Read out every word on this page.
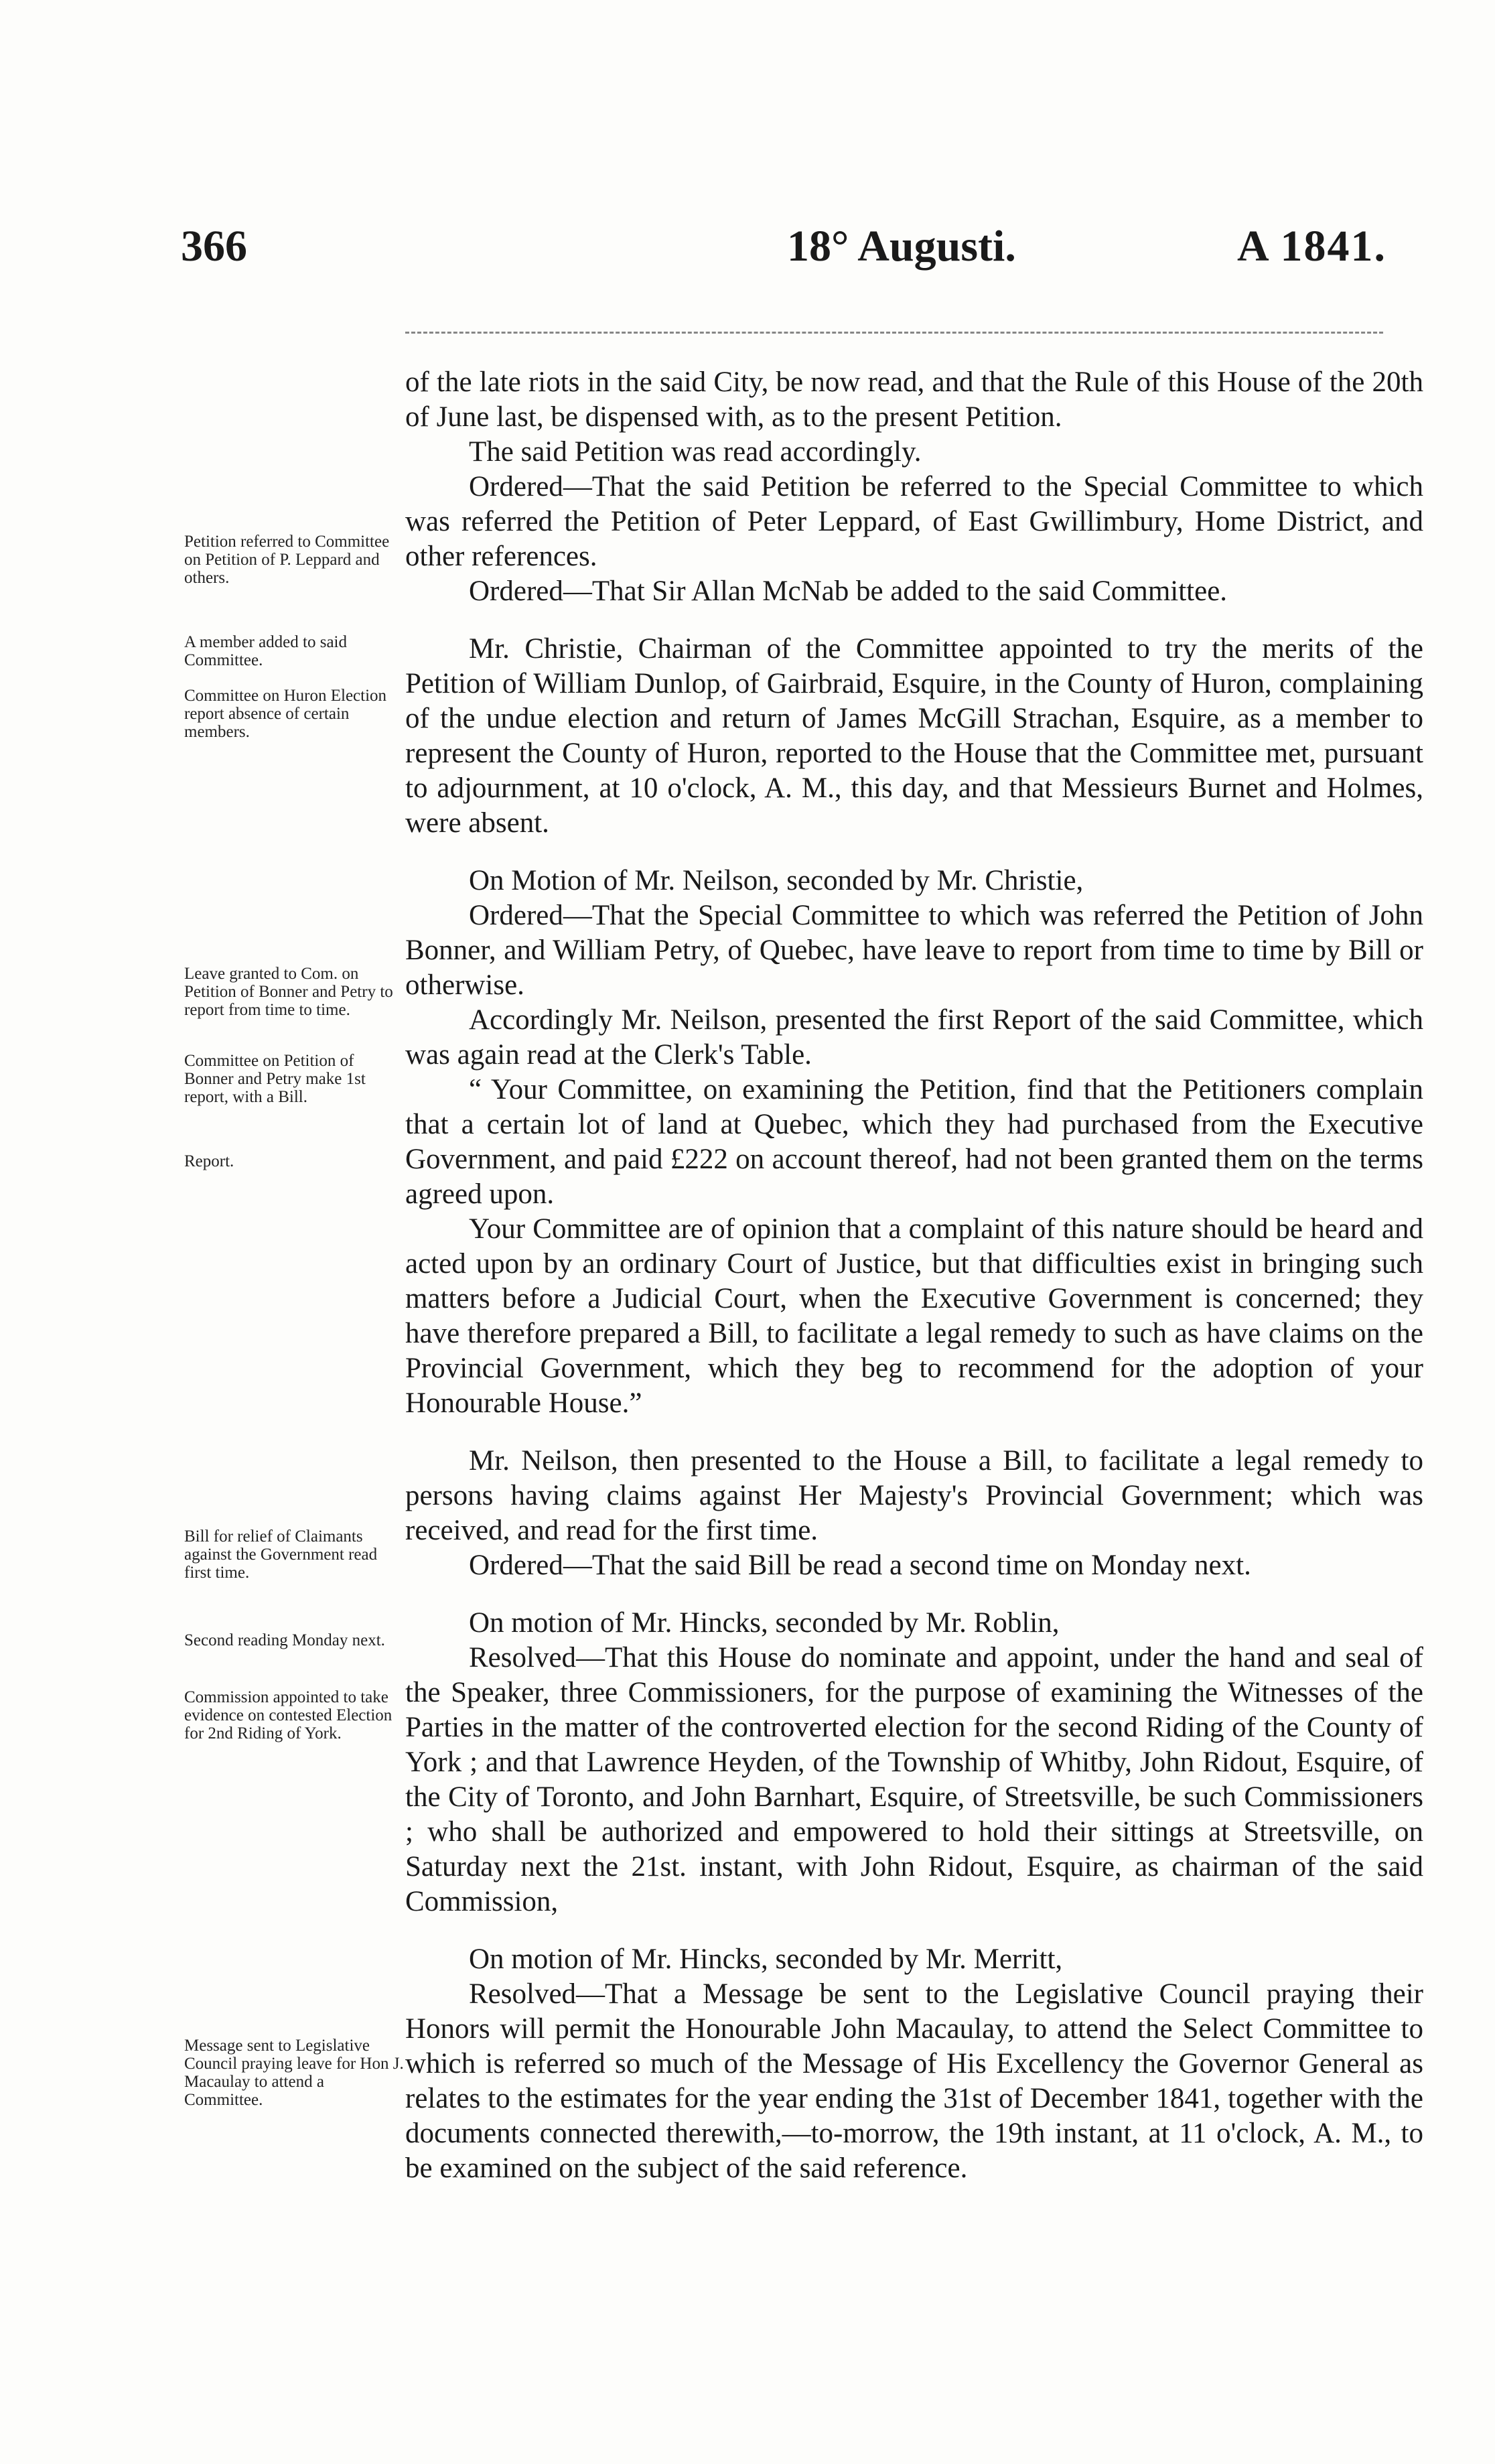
366	18° Augusti.	A 1841.
Petition referred to Committee on Petition of P. Leppard and others.
A member added to said Committee.
Committee on Huron Election report absence of certain members.
Leave granted to Com. on Petition of Bonner and Petry to report from time to time.
Committee on Petition of Bonner and Petry make 1st report, with a Bill.
Report.
Bill for relief of Claimants against the Government read first time.
Second reading Monday next.
Commission appointed to take evidence on contested Election for 2nd Riding of York.
Message sent to Legislative Council praying leave for Hon J. Macaulay to attend a Committee.

of the late riots in the said City, be now read, and that the Rule of this House of the 20th of June last, be dispensed with, as to the present Petition.

The said Petition was read accordingly.

Ordered—That the said Petition be referred to the Special Committee to which was referred the Petition of Peter Leppard, of East Gwillimbury, Home District, and other references.

Ordered—That Sir Allan McNab be added to the said Committee.

Mr. Christie, Chairman of the Committee appointed to try the merits of the Petition of William Dunlop, of Gairbraid, Esquire, in the County of Huron, complaining of the undue election and return of James McGill Strachan, Esquire, as a member to represent the County of Huron, reported to the House that the Committee met, pursuant to adjournment, at 10 o'clock, A. M., this day, and that Messieurs Burnet and Holmes, were absent.

On Motion of Mr. Neilson, seconded by Mr. Christie,

Ordered—That the Special Committee to which was referred the Petition of John Bonner, and William Petry, of Quebec, have leave to report from time to time by Bill or otherwise.

Accordingly Mr. Neilson, presented the first Report of the said Committee, which was again read at the Clerk's Table.

“ Your Committee, on examining the Petition, find that the Petitioners complain that a certain lot of land at Quebec, which they had purchased from the Executive Government, and paid £222 on account thereof, had not been granted them on the terms agreed upon.

Your Committee are of opinion that a complaint of this nature should be heard and acted upon by an ordinary Court of Justice, but that difficulties exist in bringing such matters before a Judicial Court, when the Executive Government is concerned; they have therefore prepared a Bill, to facilitate a legal remedy to such as have claims on the Provincial Government, which they beg to recommend for the adoption of your Honourable House.”

Mr. Neilson, then presented to the House a Bill, to facilitate a legal remedy to persons having claims against Her Majesty's Provincial Government; which was received, and read for the first time.

Ordered—That the said Bill be read a second time on Monday next.

On motion of Mr. Hincks, seconded by Mr. Roblin,

Resolved—That this House do nominate and appoint, under the hand and seal of the Speaker, three Commissioners, for the purpose of examining the Witnesses of the Parties in the matter of the controverted election for the second Riding of the County of York ; and that Lawrence Heyden, of the Township of Whitby, John Ridout, Esquire, of the City of Toronto, and John Barnhart, Esquire, of Streetsville, be such Commissioners ; who shall be authorized and empowered to hold their sittings at Streetsville, on Saturday next the 21st. instant, with John Ridout, Esquire, as chairman of the said Commission,

On motion of Mr. Hincks, seconded by Mr. Merritt,

Resolved—That a Message be sent to the Legislative Council praying their Honors will permit the Honourable John Macaulay, to attend the Select Committee to which is referred so much of the Message of His Excellency the Governor General as relates to the estimates for the year ending the 31st of December 1841, together with the documents connected therewith,—to-morrow, the 19th instant, at 11 o'clock, A. M., to be examined on the subject of the said reference.
